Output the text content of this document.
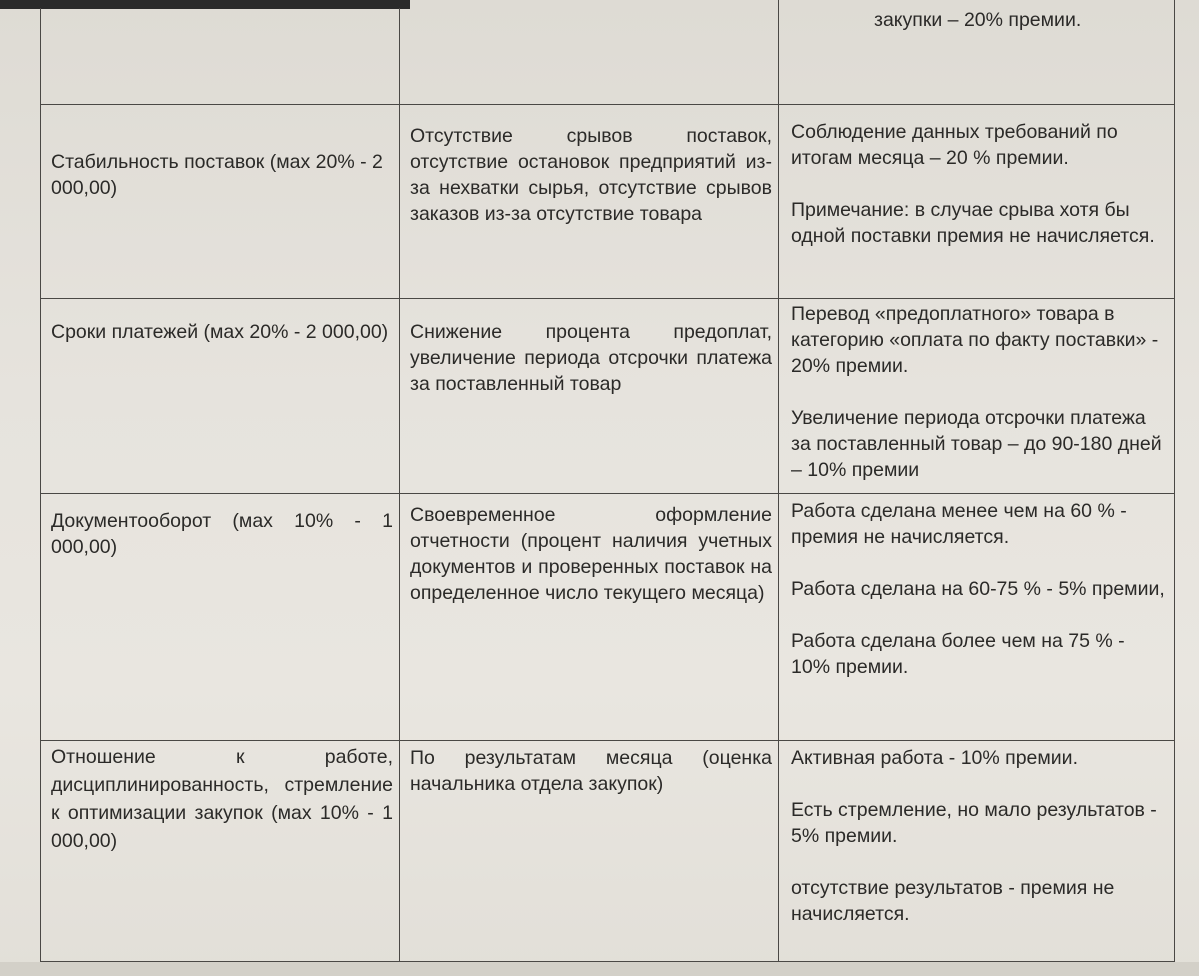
закупки – 20% премии.

Стабильность поставок (мах 20% - 2 000,00)

Отсутствие срывов поставок, отсутствие остановок предприятий из-за нехватки сырья, отсутствие срывов заказов из-за отсутствие товара

Соблюдение данных требований по итогам месяца – 20 % премии.

Примечание: в случае срыва хотя бы одной поставки премия не начисляется.

Сроки платежей (мах 20% - 2 000,00) Снижение процента предоплат, увеличение периода отсрочки платежа за поставленный товар

Перевод «предоплатного» товара в категорию «оплата по факту поставки» - 20% премии.

Увеличение периода отсрочки платежа за поставленный товар – до 90-180 дней – 10% премии

Документооборот (мах 10% - 1 000,00)

Своевременное оформление отчетности (процент наличия учетных документов и проверенных поставок на определенное число текущего месяца)

Работа сделана менее чем на 60 % - премия не начисляется.

Работа сделана на 60-75 % - 5% премии,

Работа сделана более чем на 75 % - 10% премии.

Отношение к работе, дисциплинированность, стремление к оптимизации закупок (мах 10% - 1 000,00)

По результатам месяца (оценка начальника отдела закупок)

Активная работа - 10% премии.

Есть стремление, но мало результатов - 5% премии.

отсутствие результатов - премия не начисляется.
